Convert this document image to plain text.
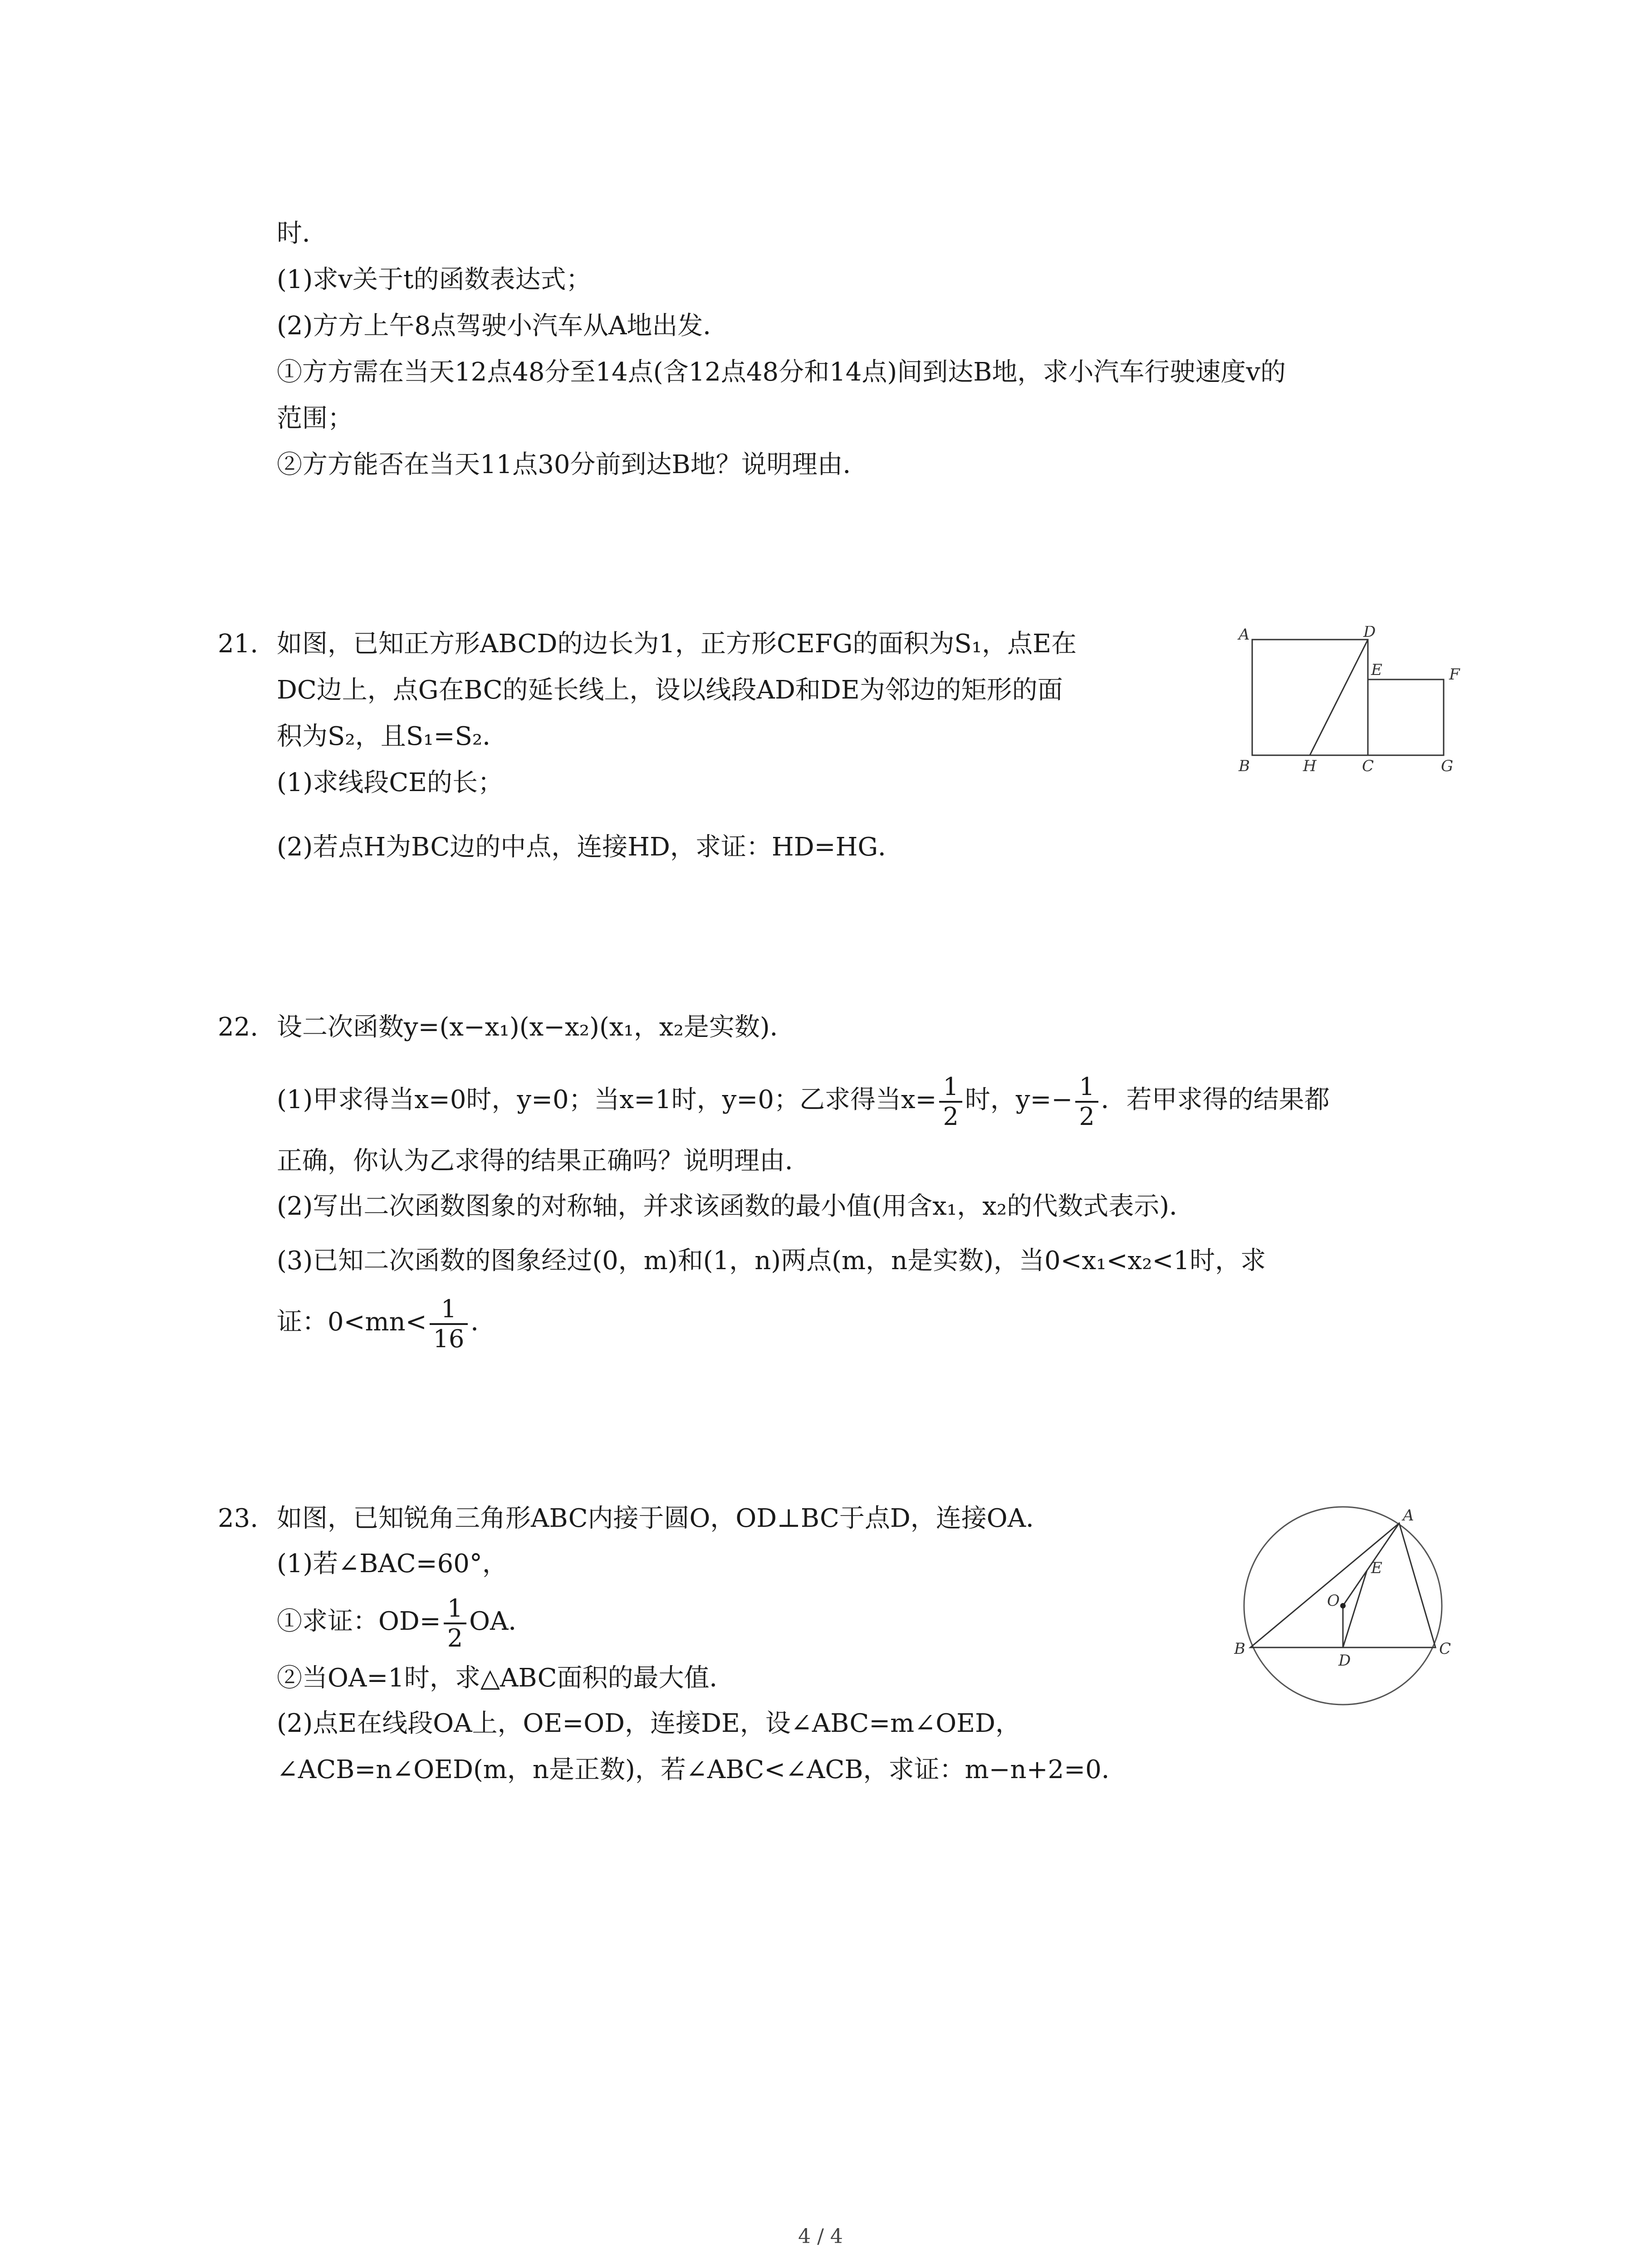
时．
(1)求v关于t的函数表达式；
(2)方方上午8点驾驶小汽车从A地出发．
①方方需在当天12点48分至14点(含12点48分和14点)间到达B地，求小汽车行驶速度v的
范围；
②方方能否在当天11点30分前到达B地？说明理由．
21. 如图，已知正方形ABCD的边长为1，正方形CEFG的面积为S₁，点E在
DC边上，点G在BC的延长线上，设以线段AD和DE为邻边的矩形的面
积为S₂，且S₁=S₂．
(1)求线段CE的长；
(2)若点H为BC边的中点，连接HD，求证：HD=HG．
A	D
E	F
B	H	C	G
22. 设二次函数y=(x−x₁)(x−x₂)(x₁，x₂是实数)．
(1)甲求得当x=0时，y=0；当x=1时，y=0；乙求得当$x= \frac{1}{2}$ 时，$y=- \frac{1}{2}$ ．若甲求得的结果都
正确，你认为乙求得的结果正确吗？说明理由．
(2)写出二次函数图象的对称轴，并求该函数的最小值(用含x₁，x₂的代数式表示)．
(3)已知二次函数的图象经过(0，m)和(1，n)两点(m，n是实数)，当0<x₁<x₂<1时，求
证：$0<mn< \frac{1}{16}$ ．
23. 如图，已知锐角三角形ABC内接于圆O，OD⊥BC于点D，连接OA．
(1)若∠BAC=60°，
①求证：$OD= \frac{1}{2}$ OA．
②当OA=1时，求△ABC面积的最大值．
(2)点E在线段OA上，OE=OD，连接DE，设∠ABC=m∠OED，
∠ACB=n∠OED(m，n是正数)，若∠ABC<∠ACB，求证：m−n+2=0．
A
E
O
B
D
C
4 / 4
